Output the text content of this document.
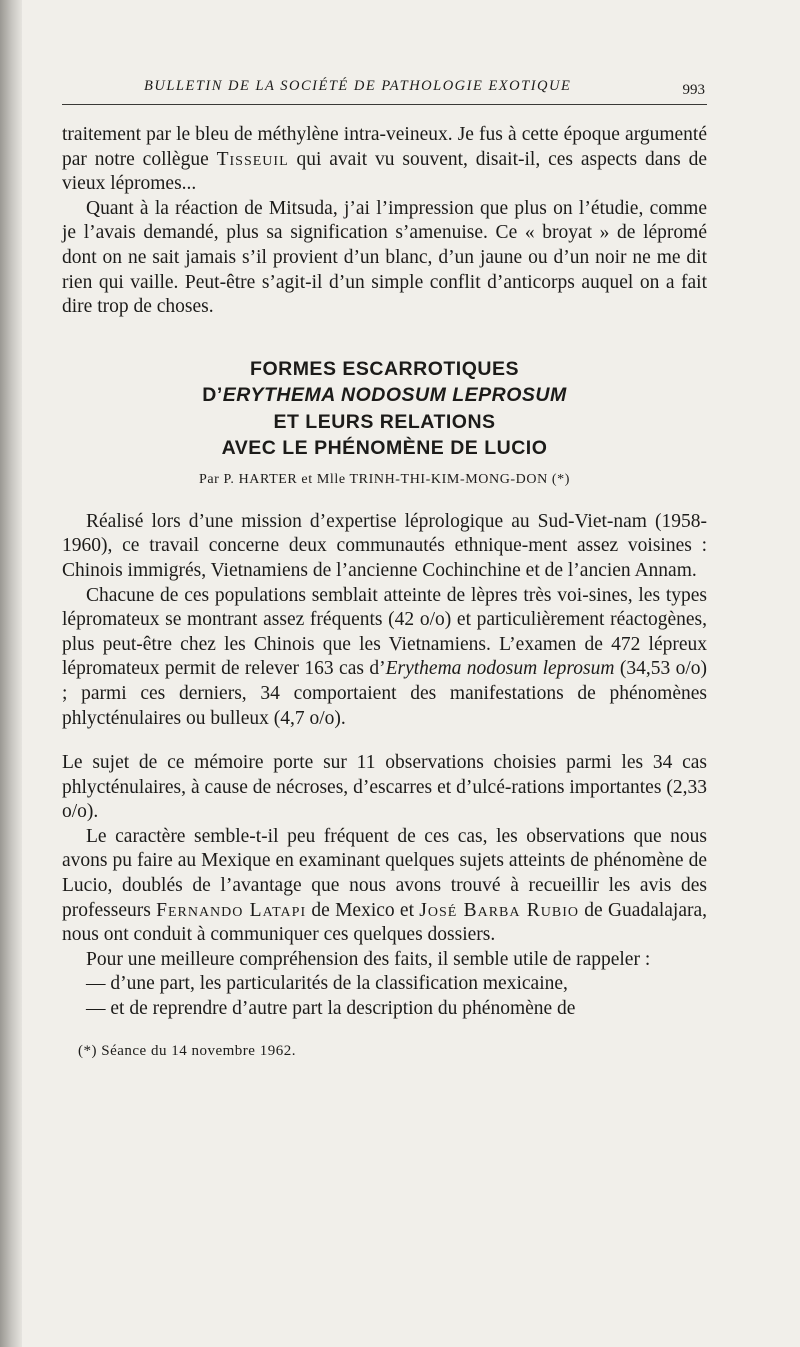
BULLETIN DE LA SOCIÉTÉ DE PATHOLOGIE EXOTIQUE	993

traitement par le bleu de méthylène intra-veineux. Je fus à cette époque argumenté par notre collègue Tisseuil qui avait vu souvent, disait-il, ces aspects dans de vieux lépromes...

Quant à la réaction de Mitsuda, j’ai l’impression que plus on l’étudie, comme je l’avais demandé, plus sa signification s’amenuise. Ce « broyat » de lépromé dont on ne sait jamais s’il provient d’un blanc, d’un jaune ou d’un noir ne me dit rien qui vaille. Peut-être s’agit-il d’un simple conflit d’anticorps auquel on a fait dire trop de choses.

FORMES ESCARROTIQUES
D’ERYTHEMA NODOSUM LEPROSUM
ET LEURS RELATIONS
AVEC LE PHÉNOMÈNE DE LUCIO
Par P. HARTER et Mlle TRINH-THI-KIM-MONG-DON (*)

Réalisé lors d’une mission d’expertise léprologique au Sud-Viet-nam (1958-1960), ce travail concerne deux communautés ethnique-ment assez voisines : Chinois immigrés, Vietnamiens de l’ancienne Cochinchine et de l’ancien Annam.

Chacune de ces populations semblait atteinte de lèpres très voi-sines, les types lépromateux se montrant assez fréquents (42 o/o) et particulièrement réactogènes, plus peut-être chez les Chinois que les Vietnamiens. L’examen de 472 lépreux lépromateux permit de relever 163 cas d’Erythema nodosum leprosum (34,53 o/o) ; parmi ces derniers, 34 comportaient des manifestations de phénomènes phlycténulaires ou bulleux (4,7 o/o).

Le sujet de ce mémoire porte sur 11 observations choisies parmi les 34 cas phlycténulaires, à cause de nécroses, d’escarres et d’ulcé-rations importantes (2,33 o/o).

Le caractère semble-t-il peu fréquent de ces cas, les observations que nous avons pu faire au Mexique en examinant quelques sujets atteints de phénomène de Lucio, doublés de l’avantage que nous avons trouvé à recueillir les avis des professeurs Fernando Latapi de Mexico et José Barba Rubio de Guadalajara, nous ont conduit à communiquer ces quelques dossiers.

Pour une meilleure compréhension des faits, il semble utile de rappeler :

— d’une part, les particularités de la classification mexicaine,

— et de reprendre d’autre part la description du phénomène de

(*) Séance du 14 novembre 1962.
